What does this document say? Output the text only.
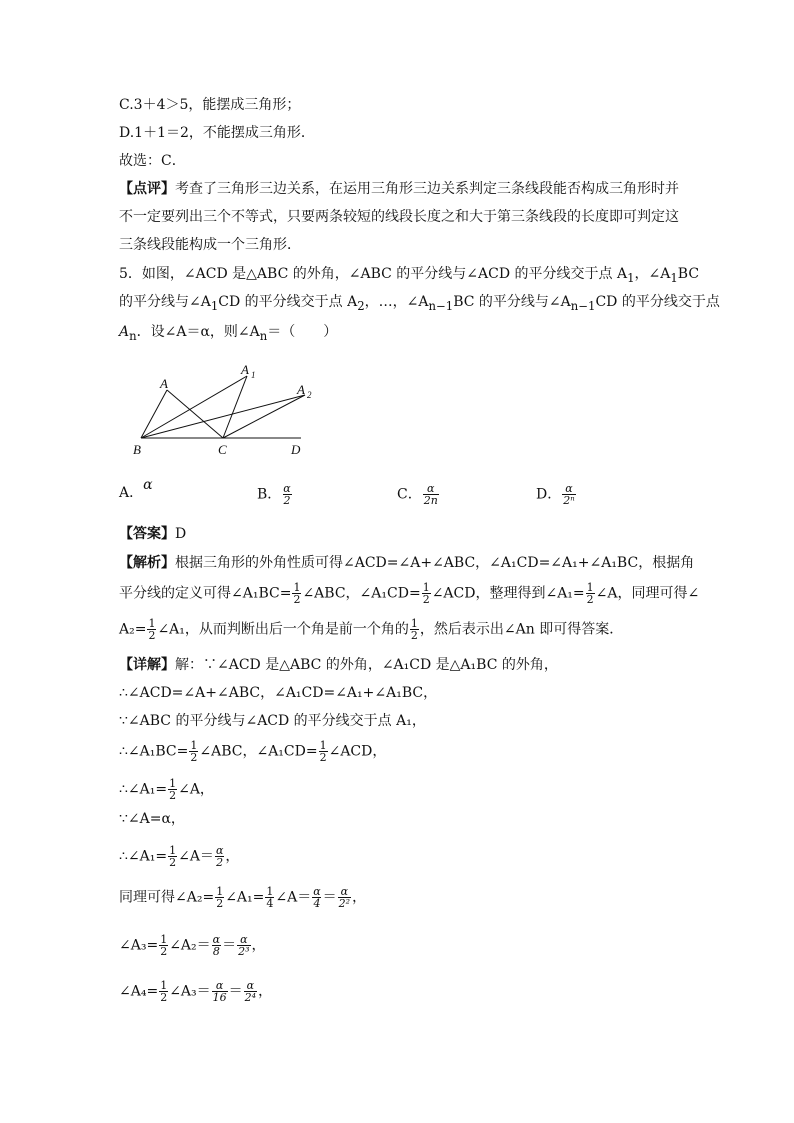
C.3＋4＞5，能摆成三角形；
D.1＋1＝2，不能摆成三角形．
故选：C．
【点评】考查了三角形三边关系，在运用三角形三边关系判定三条线段能否构成三角形时并
不一定要列出三个不等式，只要两条较短的线段长度之和大于第三条线段的长度即可判定这
三条线段能构成一个三角形．
5．如图，∠ACD 是△ABC 的外角，∠ABC 的平分线与∠ACD 的平分线交于点 $A_1$，$\angle A_1BC$
的平分线与$\angle A_1CD$ 的平分线交于点 $A_2$，…，$\angle A_{n-1}BC$ 的平分线与$\angle A_{n-1}CD$ 的平分线交于点
$A_n$．设∠A＝α，则$\angle A_n=$（　　）
A
A 1
A 2
B	C	D
A．α
B． $\frac{\alpha}{2}$	C． $\frac{\alpha}{2n}$	D． $\frac{\alpha}{\text{2ⁿ}}$
【答案】D
【解析】根据三角形的外角性质可得∠ACD=∠A+∠ABC，∠A₁CD=∠A₁+∠A₁BC，根据角
平分线的定义可得∠A₁BC= $\frac{1}{2}$ ∠ABC，∠A₁CD= $\frac{1}{2}$ ∠ACD，整理得到∠A₁= $\frac{1}{2}$ ∠A，同理可得∠
$A_2= \frac{1}{2}$ ∠A₁，从而判断出后一个角是前一个角的 $\frac{1}{2}$ ，然后表示出∠An 即可得答案．
【详解】解：∵∠ACD 是△ABC 的外角，∠A₁CD 是△A₁BC 的外角，
∴∠ACD=∠A+∠ABC，∠A₁CD=∠A₁+∠A₁BC，
∵∠ABC 的平分线与∠ACD 的平分线交于点 A₁，
∴∠A₁BC= $\frac{1}{2}$ ∠ABC，∠A₁CD= $\frac{1}{2}$ ∠ACD，
∴∠A₁= $\frac{1}{2}$ ∠A，
∵∠A=α，
∴∠A₁= $\frac{1}{2}$ ∠A＝ $\frac{\alpha}{2}$ ，
同理可得∠A₂= $\frac{1}{2}$ ∠A₁= $\frac{1}{4}$ ∠A＝ $\frac{\alpha}{4} = \frac{\alpha}{\text{2²}}$ ，
∠A₃= $\frac{1}{2}$ ∠A₂＝ $\frac{\alpha}{8} = \frac{\alpha}{\text{2³}}$ ，
∠A₄= $\frac{1}{2}$ ∠A₃＝ $\frac{\alpha}{16} = \frac{\alpha}{\text{2⁴}}$ ，
